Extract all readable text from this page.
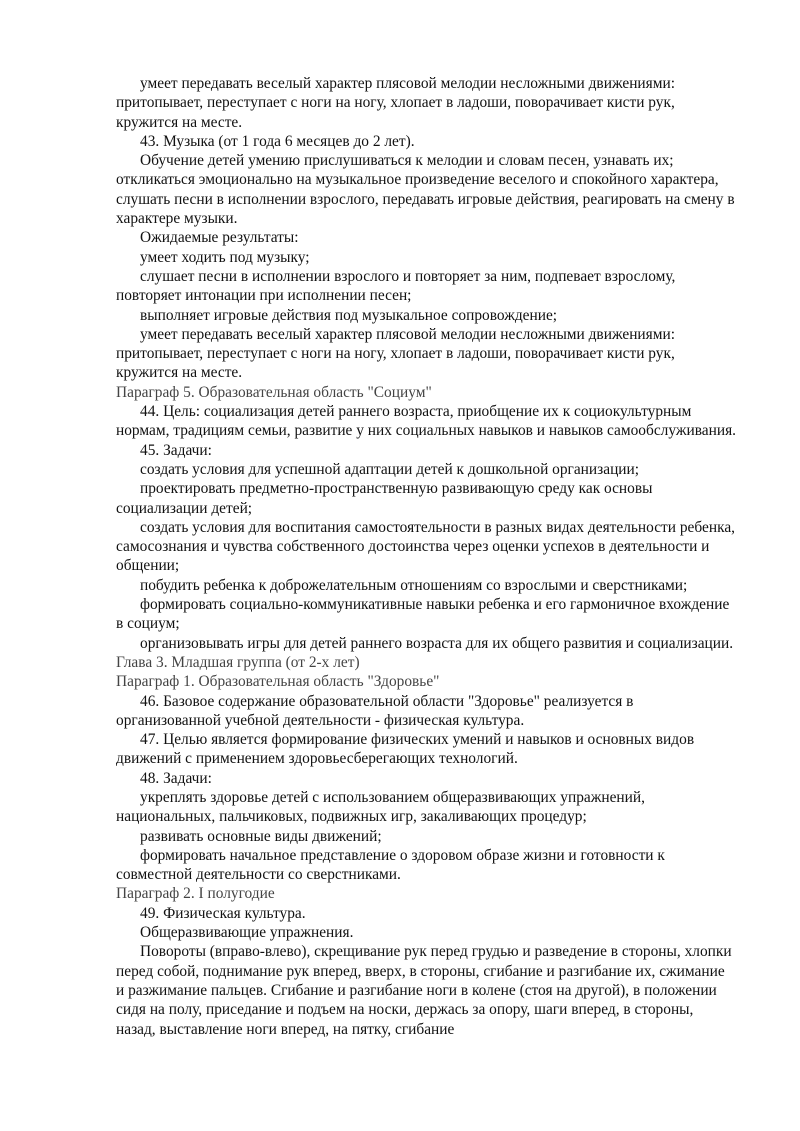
умеет передавать веселый характер плясовой мелодии несложными движениями: притопывает, переступает с ноги на ногу, хлопает в ладоши, поворачивает кисти рук, кружится на месте.

43. Музыка (от 1 года 6 месяцев до 2 лет).

Обучение детей умению прислушиваться к мелодии и словам песен, узнавать их; откликаться эмоционально на музыкальное произведение веселого и спокойного характера, слушать песни в исполнении взрослого, передавать игровые действия, реагировать на смену в характере музыки.

Ожидаемые результаты:

умеет ходить под музыку;

слушает песни в исполнении взрослого и повторяет за ним, подпевает взрослому, повторяет интонации при исполнении песен;

выполняет игровые действия под музыкальное сопровождение;

умеет передавать веселый характер плясовой мелодии несложными движениями: притопывает, переступает с ноги на ногу, хлопает в ладоши, поворачивает кисти рук, кружится на месте.

Параграф 5. Образовательная область "Социум"

44. Цель: социализация детей раннего возраста, приобщение их к социокультурным нормам, традициям семьи, развитие у них социальных навыков и навыков самообслуживания.

45. Задачи:

создать условия для успешной адаптации детей к дошкольной организации;

проектировать предметно-пространственную развивающую среду как основы социализации детей;

создать условия для воспитания самостоятельности в разных видах деятельности ребенка, самосознания и чувства собственного достоинства через оценки успехов в деятельности и общении;

побудить ребенка к доброжелательным отношениям со взрослыми и сверстниками;

формировать социально-коммуникативные навыки ребенка и его гармоничное вхождение в социум;

организовывать игры для детей раннего возраста для их общего развития и социализации.

Глава 3. Младшая группа (от 2-х лет)

Параграф 1. Образовательная область "Здоровье"

46. Базовое содержание образовательной области "Здоровье" реализуется в организованной учебной деятельности - физическая культура.

47. Целью является формирование физических умений и навыков и основных видов движений с применением здоровьесберегающих технологий.

48. Задачи:

укреплять здоровье детей с использованием общеразвивающих упражнений, национальных, пальчиковых, подвижных игр, закаливающих процедур;

развивать основные виды движений;

формировать начальное представление о здоровом образе жизни и готовности к совместной деятельности со сверстниками.

Параграф 2. I полугодие

49. Физическая культура.

Общеразвивающие упражнения.

Повороты (вправо-влево), скрещивание рук перед грудью и разведение в стороны, хлопки перед собой, поднимание рук вперед, вверх, в стороны, сгибание и разгибание их, сжимание и разжимание пальцев. Сгибание и разгибание ноги в колене (стоя на другой), в положении сидя на полу, приседание и подъем на носки, держась за опору, шаги вперед, в стороны, назад, выставление ноги вперед, на пятку, сгибание
